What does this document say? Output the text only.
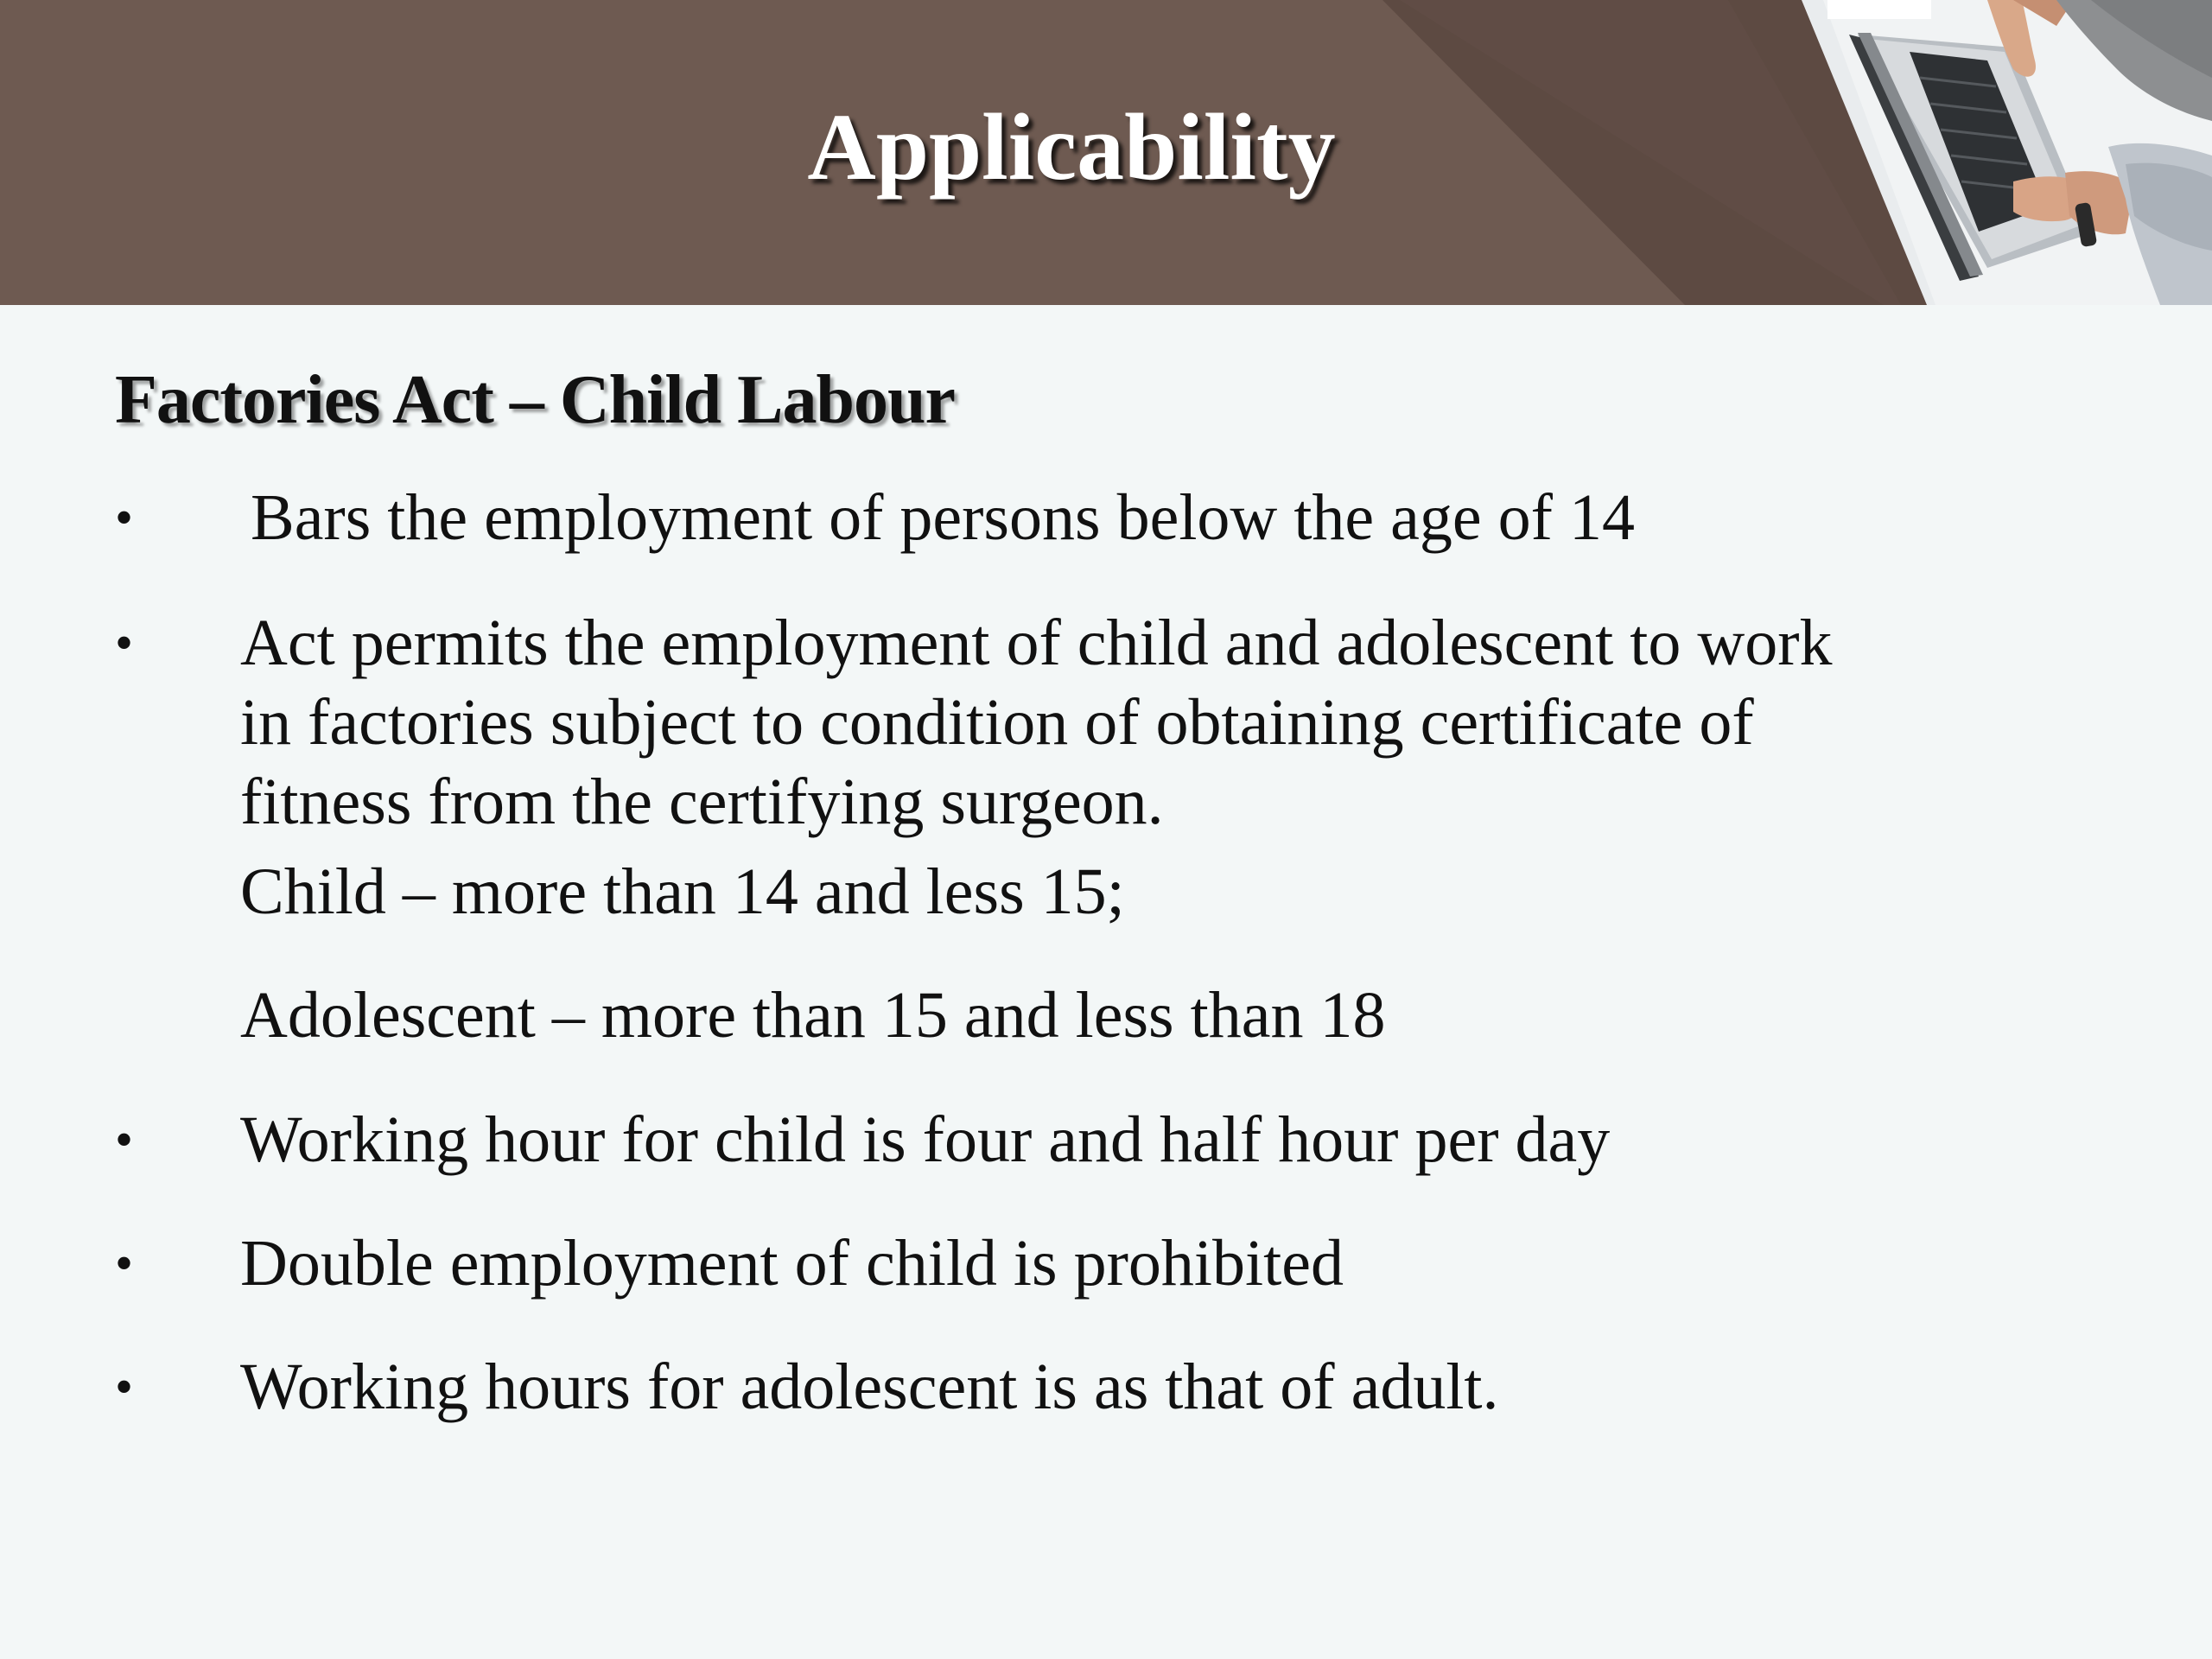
Applicability
Factories Act – Child Labour
• Bars the employment of persons below the age of 14
• Act permits the employment of child and adolescent to work
in factories subject to condition of obtaining certificate of
fitness from the certifying surgeon.
Child – more than 14 and less 15;
Adolescent – more than 15 and less than 18
• Working hour for child is four and half hour per day
• Double employment of child is prohibited
• Working hours for adolescent is as that of adult.
